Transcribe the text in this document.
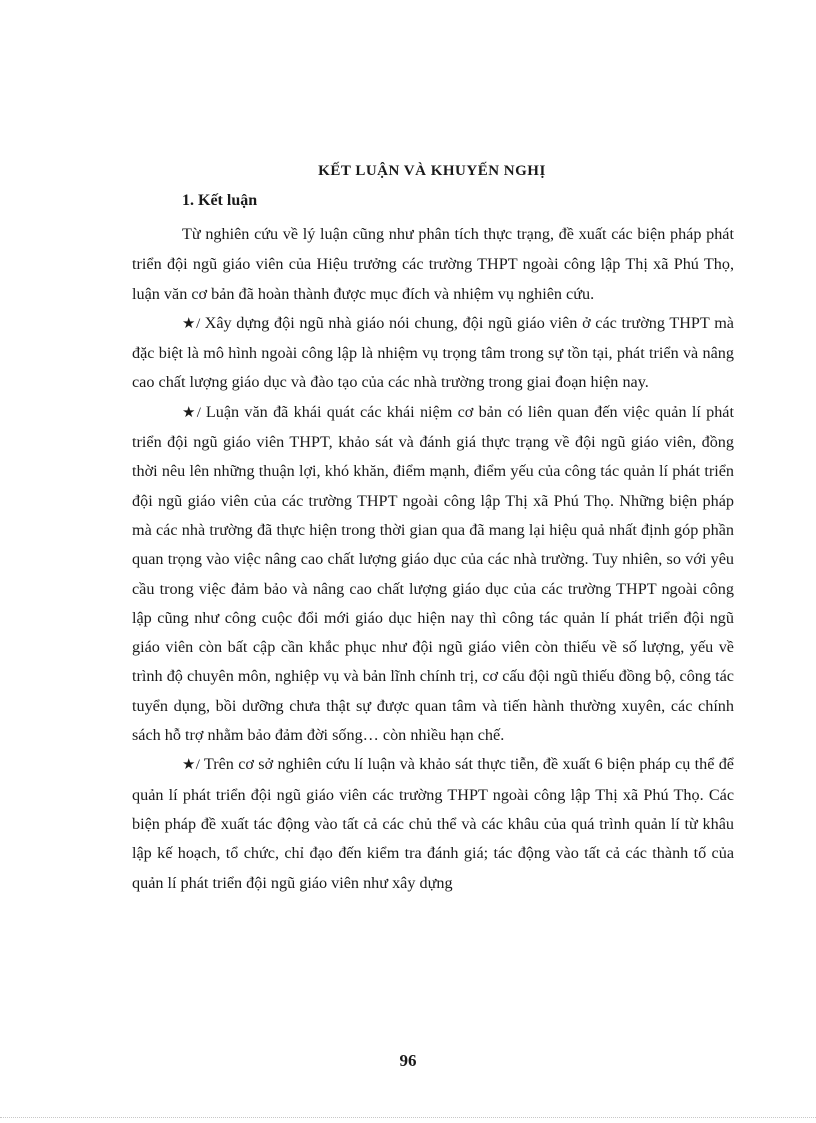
KẾT LUẬN VÀ KHUYẾN NGHỊ
1. Kết luận

Từ nghiên cứu về lý luận cũng như phân tích thực trạng, đề xuất các biện pháp phát triển đội ngũ giáo viên của Hiệu trưởng các trường THPT ngoài công lập Thị xã Phú Thọ, luận văn cơ bản đã hoàn thành được mục đích và nhiệm vụ nghiên cứu.

★/ Xây dựng đội ngũ nhà giáo nói chung, đội ngũ giáo viên ở các trường THPT mà đặc biệt là mô hình ngoài công lập là nhiệm vụ trọng tâm trong sự tồn tại, phát triển và nâng cao chất lượng giáo dục và đào tạo của các nhà trường trong giai đoạn hiện nay.

★/ Luận văn đã khái quát các khái niệm cơ bản có liên quan đến việc quản lí phát triển đội ngũ giáo viên THPT, khảo sát và đánh giá thực trạng về đội ngũ giáo viên, đồng thời nêu lên những thuận lợi, khó khăn, điểm mạnh, điểm yếu của công tác quản lí phát triển đội ngũ giáo viên của các trường THPT ngoài công lập Thị xã Phú Thọ. Những biện pháp mà các nhà trường đã thực hiện trong thời gian qua đã mang lại hiệu quả nhất định góp phần quan trọng vào việc nâng cao chất lượng giáo dục của các nhà trường. Tuy nhiên, so với yêu cầu trong việc đảm bảo và nâng cao chất lượng giáo dục của các trường THPT ngoài công lập cũng như công cuộc đổi mới giáo dục hiện nay thì công tác quản lí phát triển đội ngũ giáo viên còn bất cập cần khắc phục như đội ngũ giáo viên còn thiếu về số lượng, yếu về trình độ chuyên môn, nghiệp vụ và bản lĩnh chính trị, cơ cấu đội ngũ thiếu đồng bộ, công tác tuyển dụng, bồi dưỡng chưa thật sự được quan tâm và tiến hành thường xuyên, các chính sách hỗ trợ nhằm bảo đảm đời sống… còn nhiều hạn chế.

★/ Trên cơ sở nghiên cứu lí luận và khảo sát thực tiễn, đề xuất 6 biện pháp cụ thể để quản lí phát triển đội ngũ giáo viên các trường THPT ngoài công lập Thị xã Phú Thọ. Các biện pháp đề xuất tác động vào tất cả các chủ thể và các khâu của quá trình quản lí từ khâu lập kế hoạch, tổ chức, chỉ đạo đến kiểm tra đánh giá; tác động vào tất cả các thành tố của quản lí phát triển đội ngũ giáo viên như xây dựng

96
